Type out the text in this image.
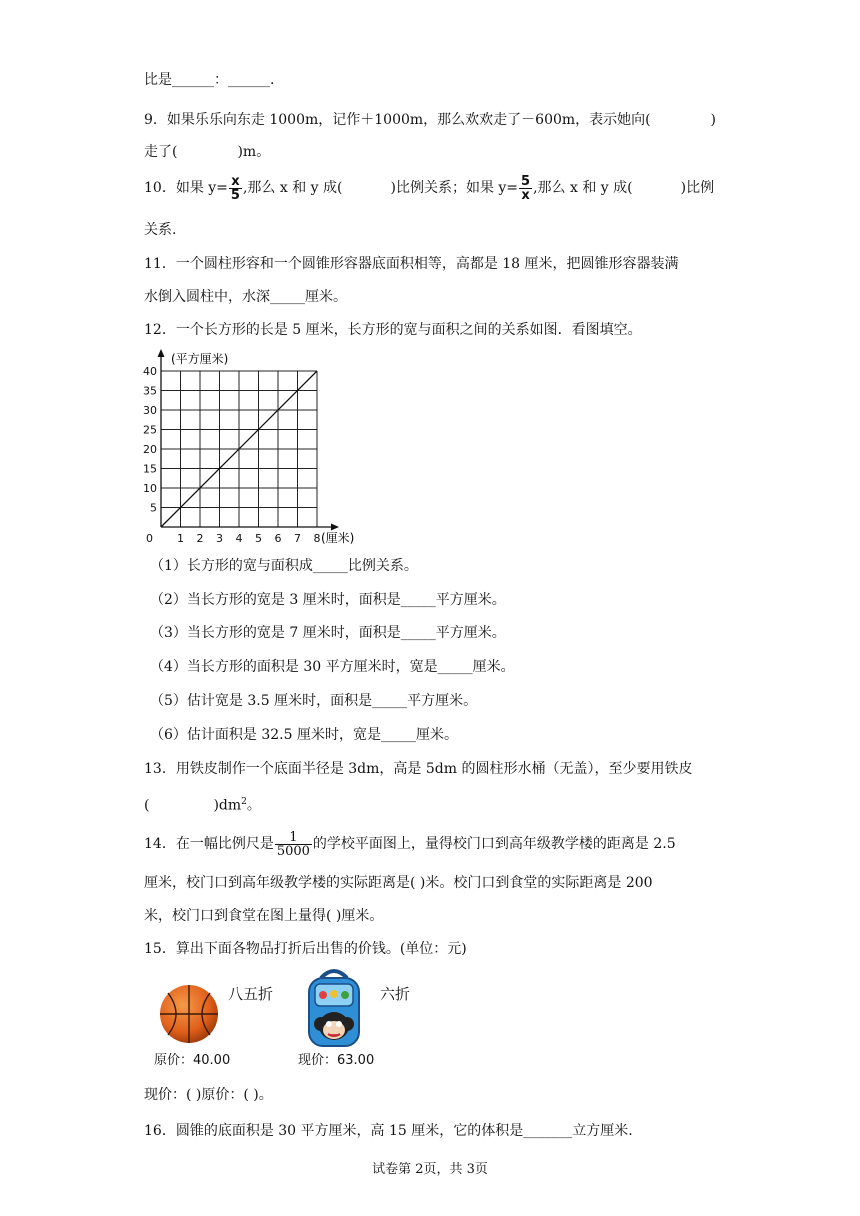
比是______：______.
9．如果乐乐向东走 1000m，记作＋1000m，那么欢欢走了－600m，表示她向(	)
走了(	)m。
10．如果 $y= \frac{x}{5}$ ,那么 x 和 y 成(	)比例关系；如果 $y= \frac{5}{x}$ ,那么 x 和 y 成(	)比例
关系.
11．一个圆柱形容和一个圆锥形容器底面积相等，高都是 18 厘米，把圆锥形容器装满
水倒入圆柱中，水深_____厘米。
12．一个长方形的长是 5 厘米，长方形的宽与面积之间的关系如图．看图填空。
1 2 3 4 5 6 7 8
5
10
15
20
25
30
35
40
0
(平方厘米)
(厘米)
（1）长方形的宽与面积成_____比例关系。
（2）当长方形的宽是 3 厘米时，面积是_____平方厘米。
（3）当长方形的宽是 7 厘米时，面积是_____平方厘米。
（4）当长方形的面积是 30 平方厘米时，宽是_____厘米。
（5）估计宽是 3.5 厘米时，面积是_____平方厘米。
（6）估计面积是 32.5 厘米时，宽是_____厘米。
13．用铁皮制作一个底面半径是 3dm，高是 5dm 的圆柱形水桶（无盖），至少要用铁皮
(	)$dm^2$。
14．在一幅比例尺是 $\frac{1}{5000}$ 的学校平面图上，量得校门口到高年级教学楼的距离是 2.5
厘米，校门口到高年级教学楼的实际距离是( )米。校门口到食堂的实际距离是 200
米，校门口到食堂在图上量得( )厘米。
15．算出下面各物品打折后出售的价钱。(单位：元)
八五折
原价：40.00
六折
现价：63.00
现价：( )原价：( )。
16．圆锥的底面积是 30 平方厘米，高 15 厘米，它的体积是_______立方厘米.
试卷第 2页，共 3页
